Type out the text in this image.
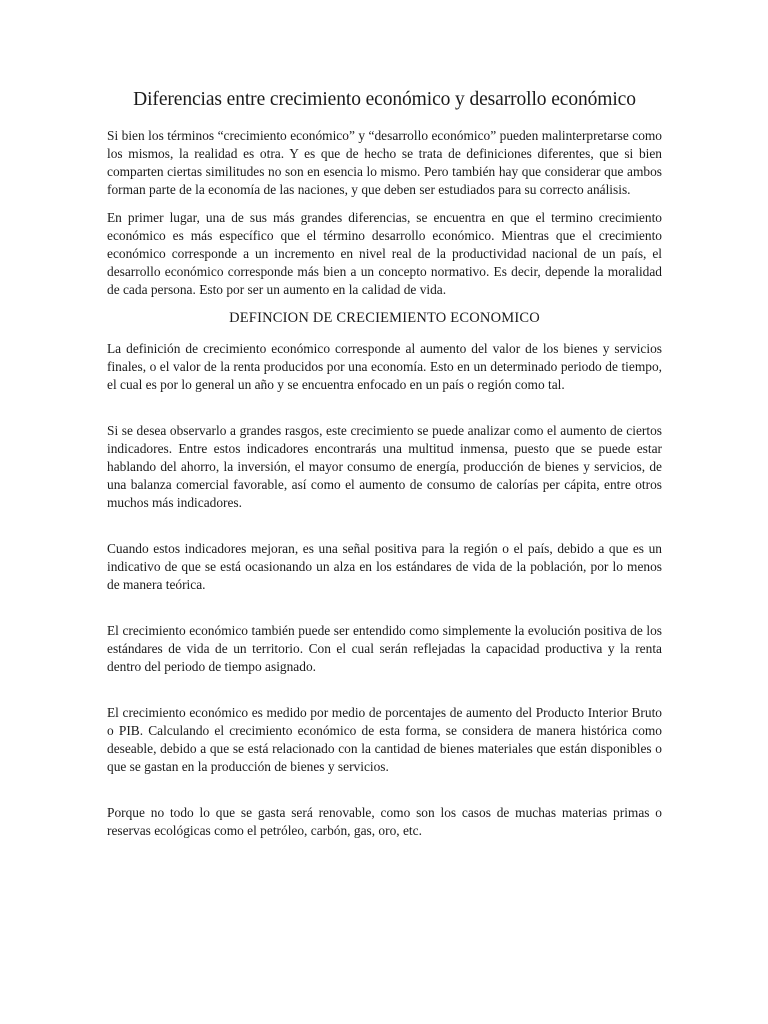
Diferencias entre crecimiento económico y desarrollo económico

Si bien los términos “crecimiento económico” y “desarrollo económico” pueden malinterpretarse como los mismos, la realidad es otra. Y es que de hecho se trata de definiciones diferentes, que si bien comparten ciertas similitudes no son en esencia lo mismo. Pero también hay que considerar que ambos forman parte de la economía de las naciones, y que deben ser estudiados para su correcto análisis.

En primer lugar, una de sus más grandes diferencias, se encuentra en que el termino crecimiento económico es más específico que el término desarrollo económico. Mientras que el crecimiento económico corresponde a un incremento en nivel real de la productividad nacional de un país, el desarrollo económico corresponde más bien a un concepto normativo. Es decir, depende la moralidad de cada persona. Esto por ser un aumento en la calidad de vida.

DEFINCION DE CRECIEMIENTO ECONOMICO

La definición de crecimiento económico corresponde al aumento del valor de los bienes y servicios finales, o el valor de la renta producidos por una economía. Esto en un determinado periodo de tiempo, el cual es por lo general un año y se encuentra enfocado en un país o región como tal.

Si se desea observarlo a grandes rasgos, este crecimiento se puede analizar como el aumento de ciertos indicadores. Entre estos indicadores encontrarás una multitud inmensa, puesto que se puede estar hablando del ahorro, la inversión, el mayor consumo de energía, producción de bienes y servicios, de una balanza comercial favorable, así como el aumento de consumo de calorías per cápita, entre otros muchos más indicadores.

Cuando estos indicadores mejoran, es una señal positiva para la región o el país, debido a que es un indicativo de que se está ocasionando un alza en los estándares de vida de la población, por lo menos de manera teórica.

El crecimiento económico también puede ser entendido como simplemente la evolución positiva de los estándares de vida de un territorio. Con el cual serán reflejadas la capacidad productiva y la renta dentro del periodo de tiempo asignado.

El crecimiento económico es medido por medio de porcentajes de aumento del Producto Interior Bruto o PIB. Calculando el crecimiento económico de esta forma, se considera de manera histórica como deseable, debido a que se está relacionado con la cantidad de bienes materiales que están disponibles o que se gastan en la producción de bienes y servicios.

Porque no todo lo que se gasta será renovable, como son los casos de muchas materias primas o reservas ecológicas como el petróleo, carbón, gas, oro, etc.
